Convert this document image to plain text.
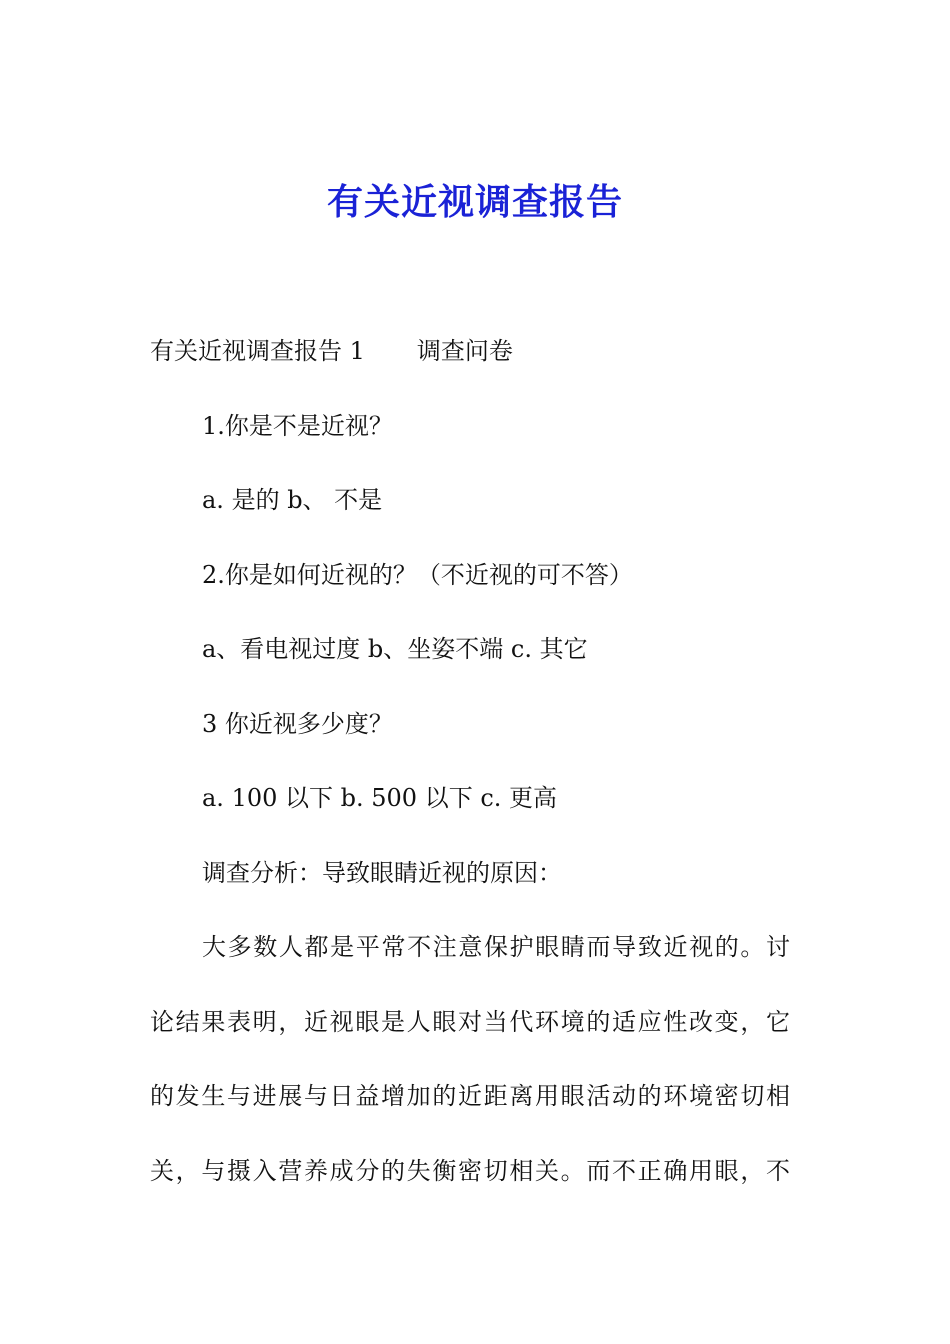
有关近视调查报告
有关近视调查报告 1 调查问卷
1.你是不是近视？
a. 是的 b、 不是
2.你是如何近视的？（不近视的可不答）
a、看电视过度 b、坐姿不端 c. 其它
3 你近视多少度？
a. 100 以下 b. 500 以下 c. 更高
调查分析：导致眼睛近视的原因：
大多数人都是平常不注意保护眼睛而导致近视的。讨
论结果表明，近视眼是人眼对当代环境的适应性改变，它
的发生与进展与日益增加的近距离用眼活动的环境密切相
关，与摄入营养成分的失衡密切相关。而不正确用眼，不
